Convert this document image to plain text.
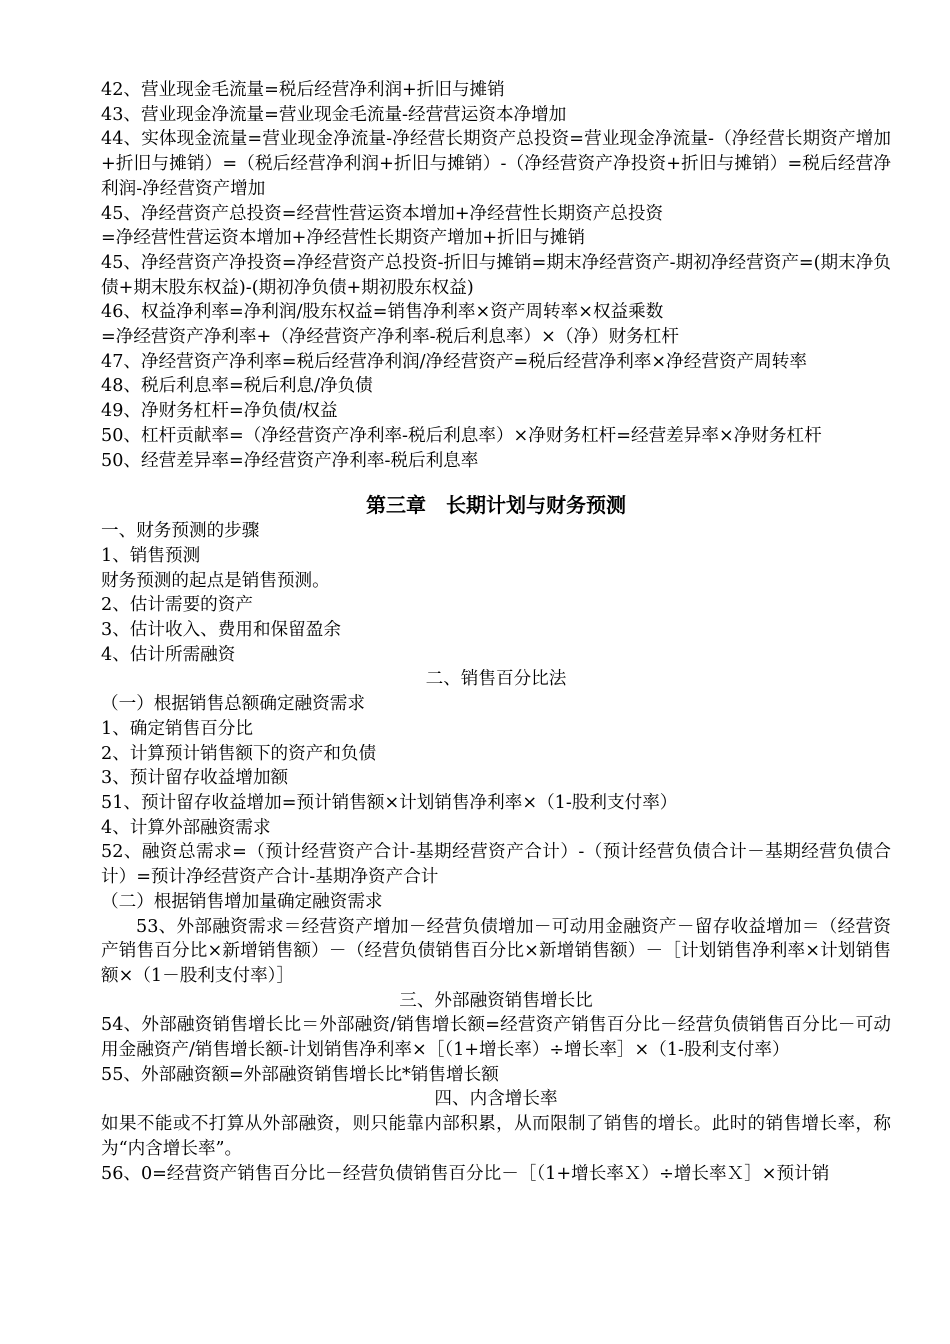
42、营业现金毛流量=税后经营净利润+折旧与摊销

43、营业现金净流量=营业现金毛流量-经营营运资本净增加

44、实体现金流量=营业现金净流量-净经营长期资产总投资=营业现金净流量-（净经营长期资产增加+折旧与摊销）=（税后经营净利润+折旧与摊销）-（净经营资产净投资+折旧与摊销）=税后经营净利润-净经营资产增加

45、净经营资产总投资=经营性营运资本增加+净经营性长期资产总投资

=净经营性营运资本增加+净经营性长期资产增加+折旧与摊销

45、净经营资产净投资=净经营资产总投资-折旧与摊销=期末净经营资产-期初净经营资产=(期末净负债+期末股东权益)-(期初净负债+期初股东权益)

46、权益净利率=净利润/股东权益=销售净利率×资产周转率×权益乘数

=净经营资产净利率+（净经营资产净利率-税后利息率）×（净）财务杠杆

47、净经营资产净利率=税后经营净利润/净经营资产=税后经营净利率×净经营资产周转率

48、税后利息率=税后利息/净负债

49、净财务杠杆=净负债/权益

50、杠杆贡献率=（净经营资产净利率-税后利息率）×净财务杠杆=经营差异率×净财务杠杆

50、经营差异率=净经营资产净利率-税后利息率

第三章　长期计划与财务预测

一、财务预测的步骤

1、销售预测

财务预测的起点是销售预测。

2、估计需要的资产

3、估计收入、费用和保留盈余

4、估计所需融资

二、销售百分比法

（一）根据销售总额确定融资需求

1、确定销售百分比

2、计算预计销售额下的资产和负债

3、预计留存收益增加额

51、预计留存收益增加=预计销售额×计划销售净利率×（1-股利支付率）

4、计算外部融资需求

52、融资总需求=（预计经营资产合计-基期经营资产合计）-（预计经营负债合计－基期经营负债合计）=预计净经营资产合计-基期净资产合计

（二）根据销售增加量确定融资需求

53、外部融资需求＝经营资产增加－经营负债增加－可动用金融资产－留存收益增加＝（经营资产销售百分比×新增销售额）－（经营负债销售百分比×新增销售额）－［计划销售净利率×计划销售额×（1－股利支付率）］

三、外部融资销售增长比

54、外部融资销售增长比＝外部融资/销售增长额=经营资产销售百分比－经营负债销售百分比－可动用金融资产/销售增长额-计划销售净利率×［（1+增长率）÷增长率］×（1-股利支付率）

55、外部融资额=外部融资销售增长比*销售增长额

四、内含增长率

如果不能或不打算从外部融资，则只能靠内部积累，从而限制了销售的增长。此时的销售增长率，称为“内含增长率”。

56、0=经营资产销售百分比－经营负债销售百分比－［（1+增长率Ｘ）÷增长率Ｘ］×预计销
